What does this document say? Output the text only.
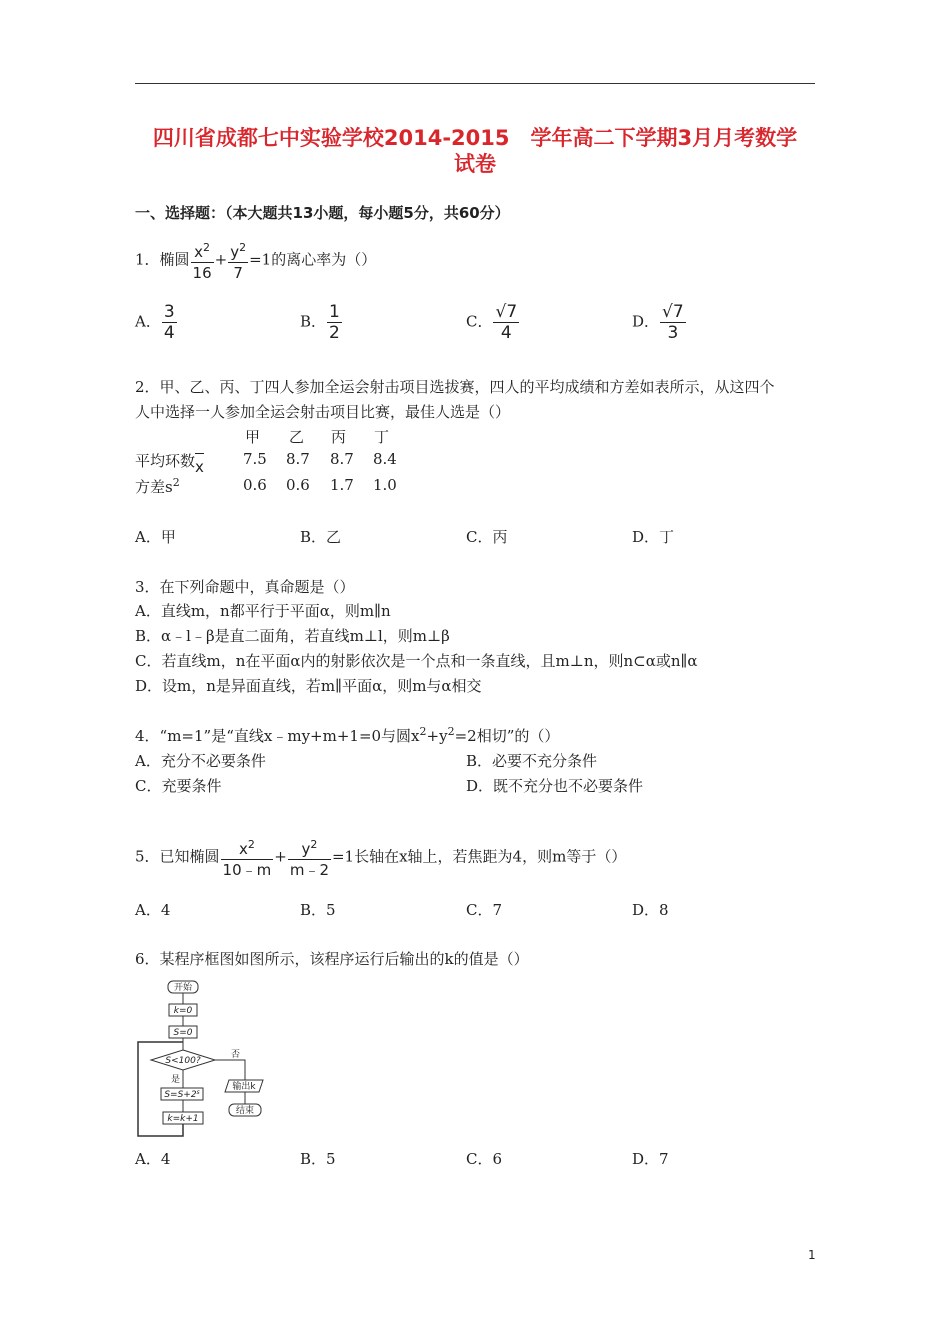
四川省成都七中实验学校2014-2015　学年高二下学期3月月考数学
试卷
一、选择题：（本大题共13小题，每小题5分，共60分）
1．椭圆 $\frac{x^2}{16} + \frac{y^2}{7} =1$的离心率为（）
A． $\frac{3}{4}$	B． $\frac{1}{2}$	C． $\frac{√7}{4}$	D． $\frac{√7}{3}$
2．甲、乙、丙、丁四人参加全运会射击项目选拔赛，四人的平均成绩和方差如表所示，从这四个
人中选择一人参加全运会射击项目比赛，最佳人选是（）
甲 乙 丙 丁
平均环数x	7.5 8.7 8.7 8.4
方差$s^2$	0.6 0.6 1.7 1.0
A．甲	B．乙	C．丙	D．丁
3．在下列命题中，真命题是（）
A．直线m，n都平行于平面α，则m∥n
B．α﹣l﹣β是直二面角，若直线m⊥l，则m⊥β
C．若直线m，n在平面α内的射影依次是一个点和一条直线，且m⊥n，则n⊂α或n∥α
D．设m，n是异面直线，若m∥平面α，则m与α相交
4．“m=1”是“直线x﹣my+m+1=0与圆$x^2+y^2=2$相切”的（）
A．充分不必要条件	B．必要不充分条件
C．充要条件	D．既不充分也不必要条件
5．已知椭圆 $\frac{x^2}{10﹣m} + \frac{y^2}{m﹣2} =1$长轴在x轴上，若焦距为4，则m等于（）
A．4	B．5	C．7	D．8
6．某程序框图如图所示，该程序运行后输出的k的值是（）
开始
k=0
S=0
S<100?
否
输出k
结束
是
$S=S+2^s$
k=k+1
A．4	B．5	C．6	D．7
1
